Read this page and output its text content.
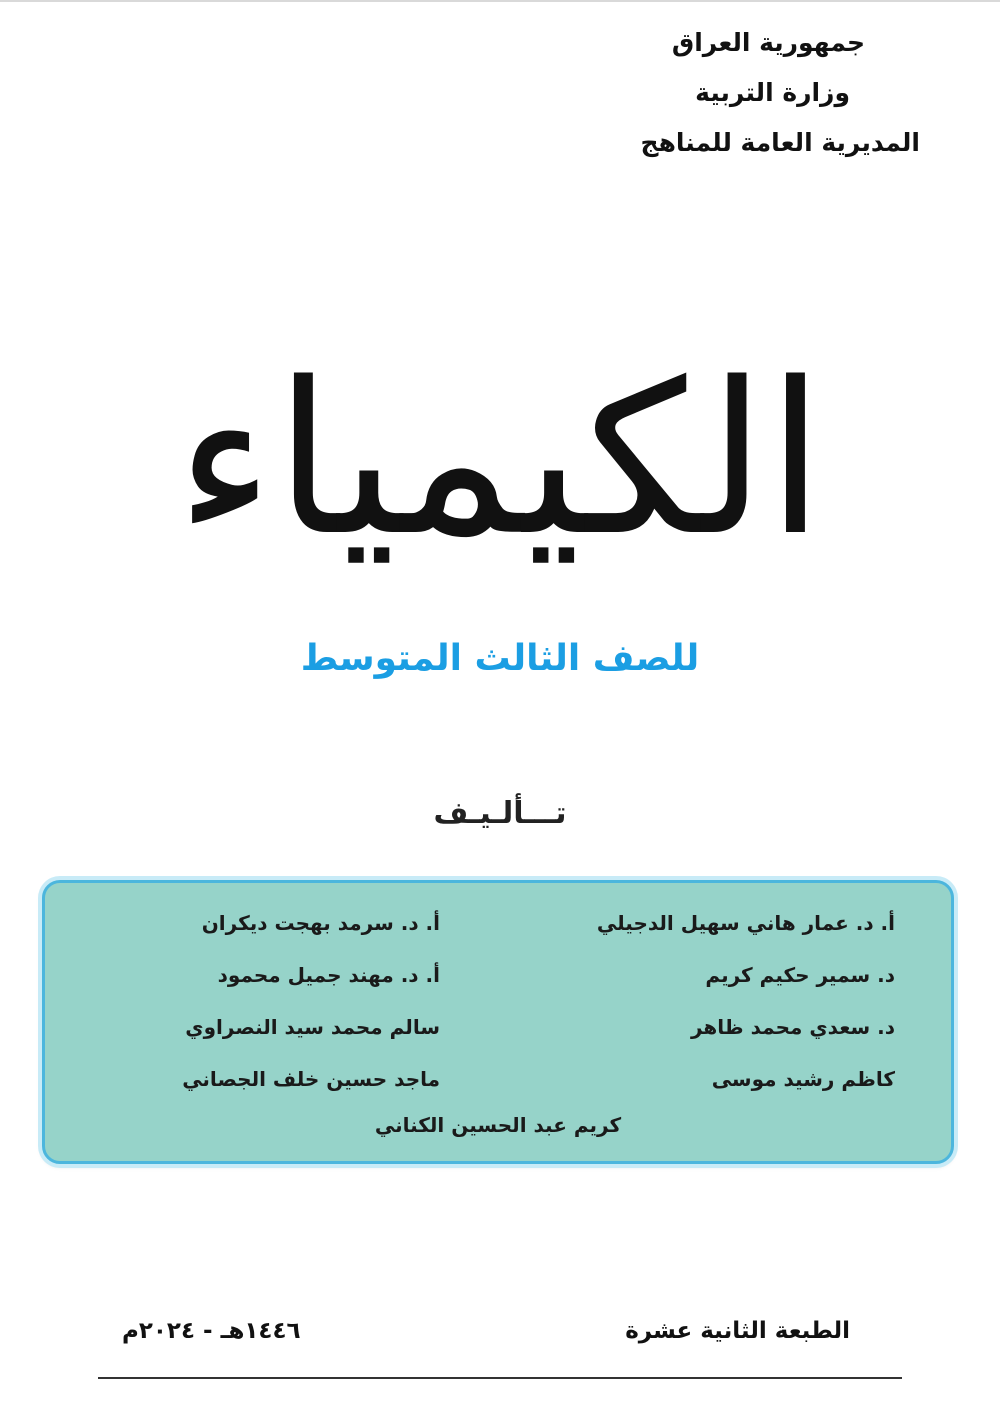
جمهورية العراق
وزارة التربية
المديرية العامة للمناهج
الكيمياء
للصف الثالث المتوسط
تـــألـيـف
أ. د. عمار هاني سهيل الدجيلي
أ. د. سرمد بهجت ديكران
د. سمير حكيم كريم
أ. د. مهند جميل محمود
د. سعدي محمد ظاهر
سالم محمد سيد النصراوي
كاظم رشيد موسى
ماجد حسين خلف الجصاني
كريم عبد الحسين الكناني
الطبعة الثانية عشرة
١٤٤٦هـ - ٢٠٢٤م
